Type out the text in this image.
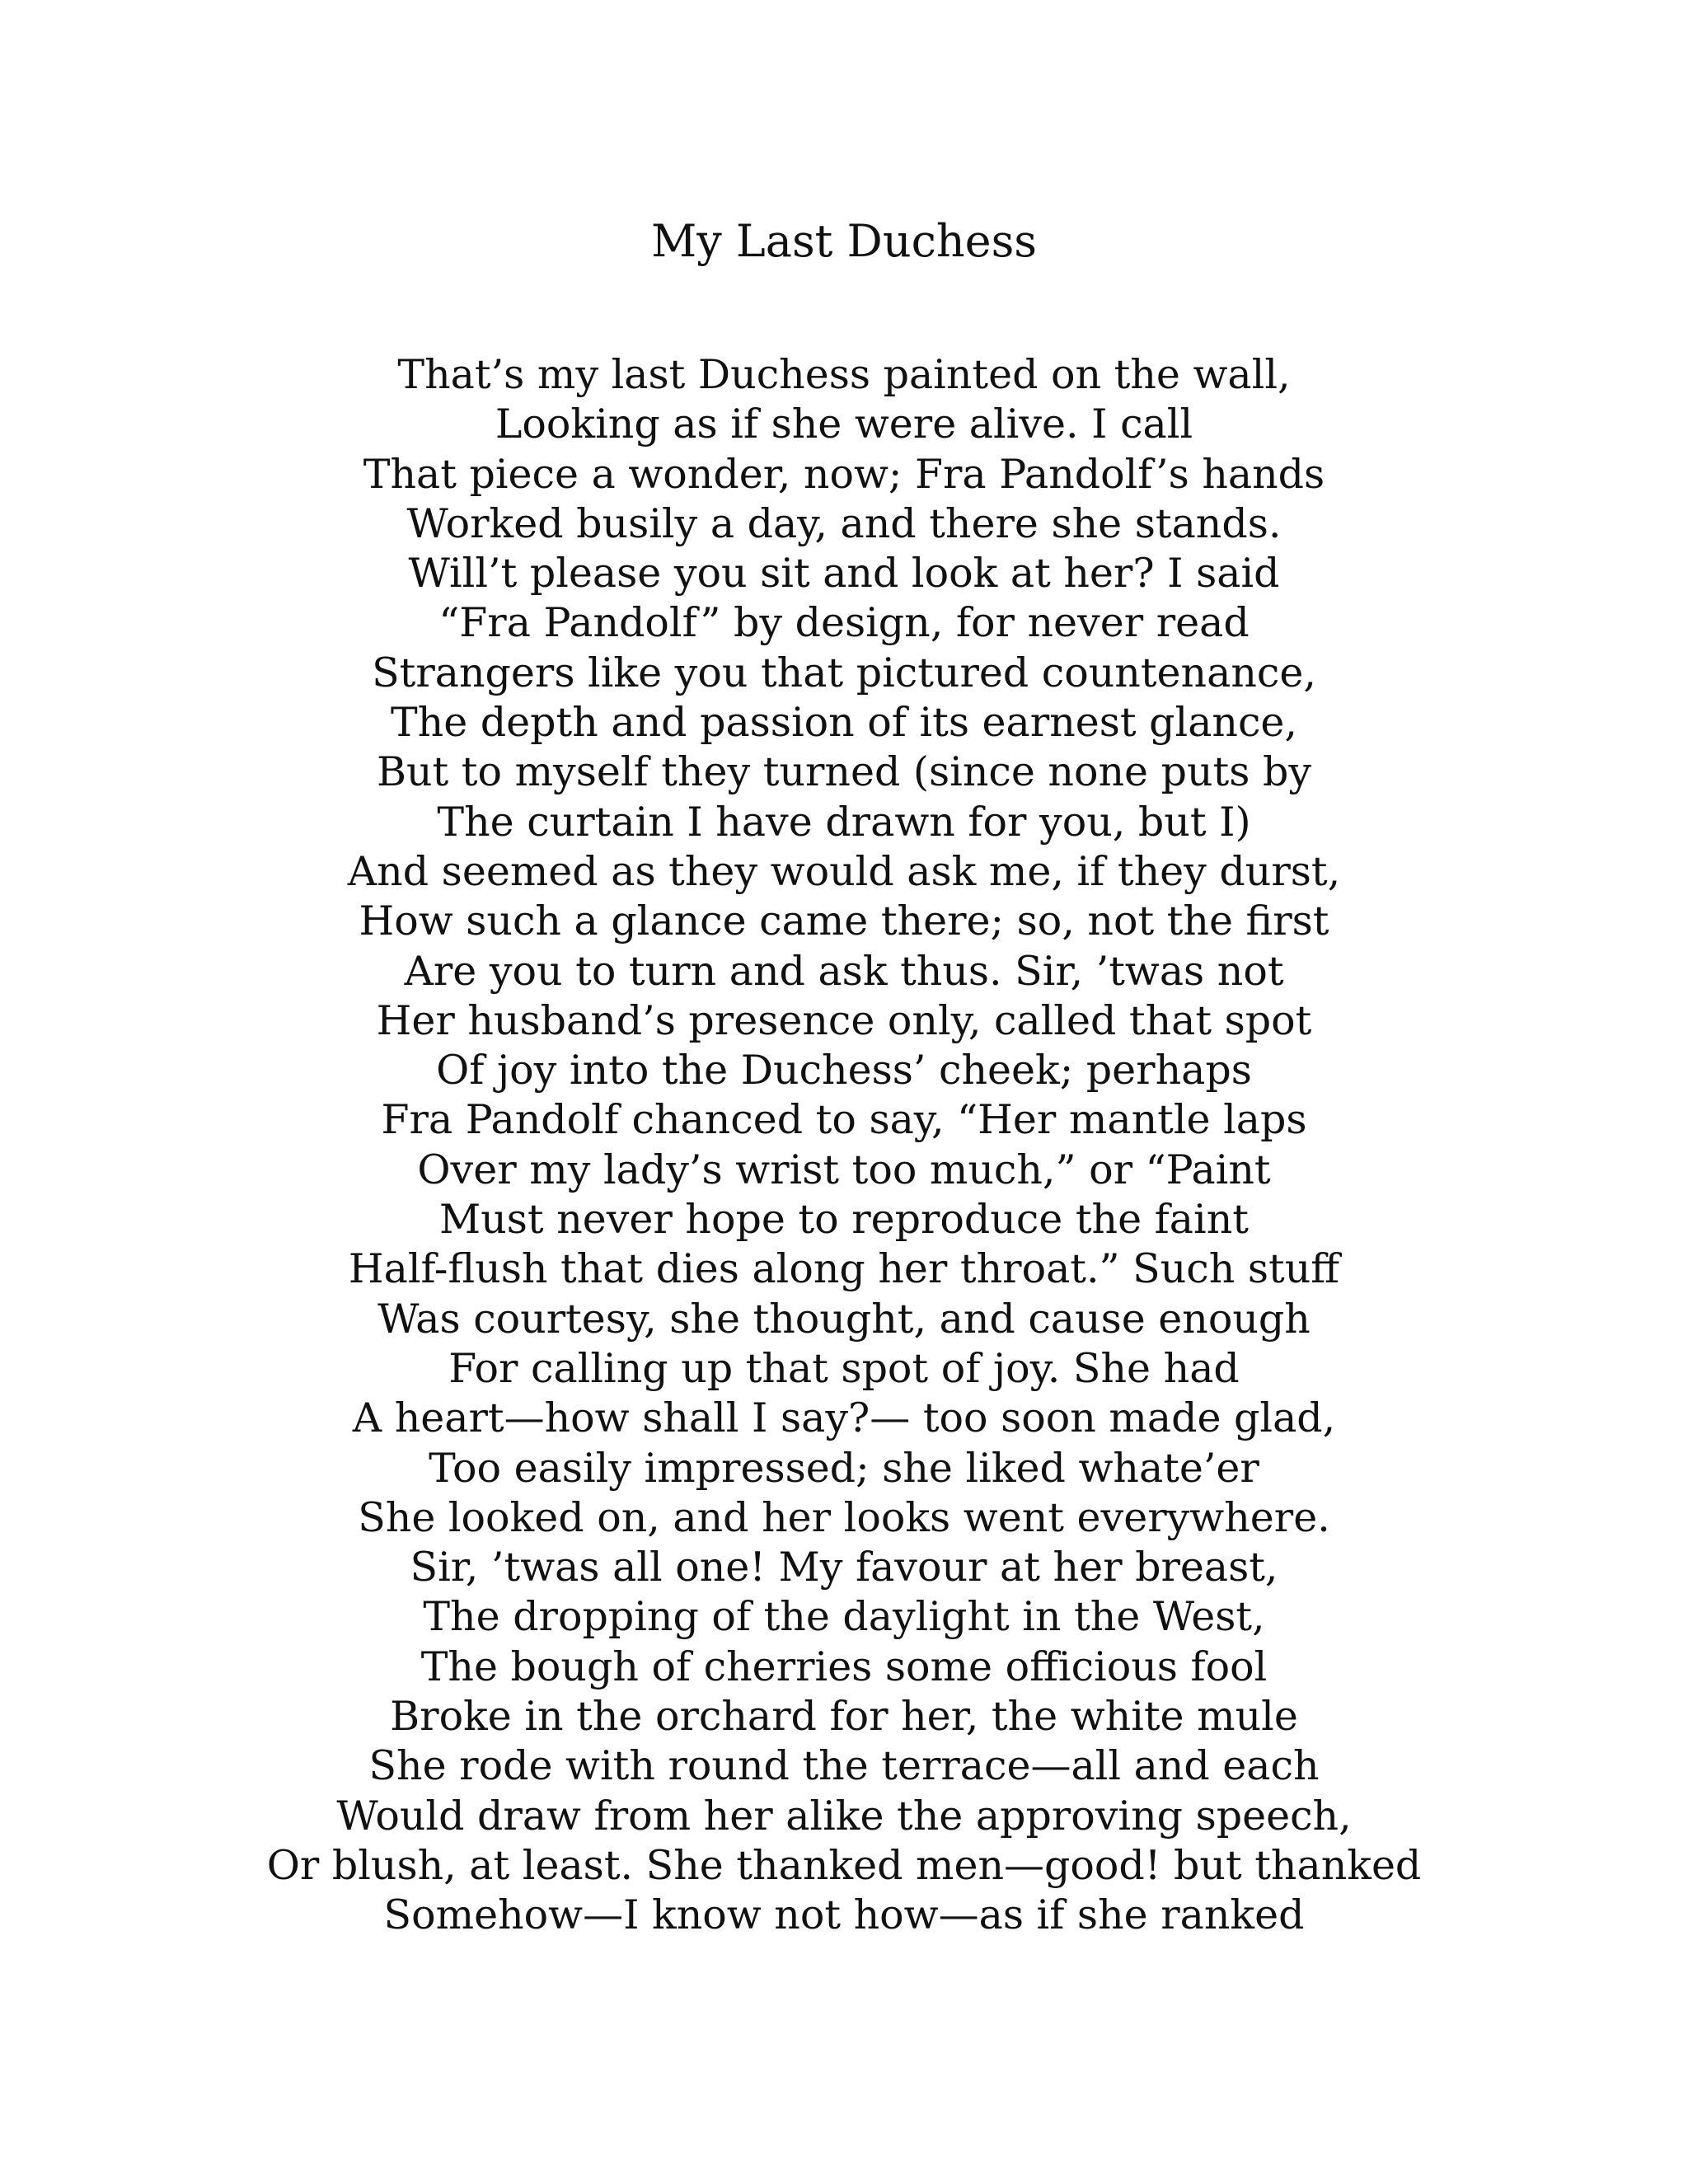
My Last Duchess
That’s my last Duchess painted on the wall,
Looking as if she were alive. I call
That piece a wonder, now; Fra Pandolf’s hands
Worked busily a day, and there she stands.
Will’t please you sit and look at her? I said
“Fra Pandolf” by design, for never read
Strangers like you that pictured countenance,
The depth and passion of its earnest glance,
But to myself they turned (since none puts by
The curtain I have drawn for you, but I)
And seemed as they would ask me, if they durst,
How such a glance came there; so, not the first
Are you to turn and ask thus. Sir, ’twas not
Her husband’s presence only, called that spot
Of joy into the Duchess’ cheek; perhaps
Fra Pandolf chanced to say, “Her mantle laps
Over my lady’s wrist too much,” or “Paint
Must never hope to reproduce the faint
Half-flush that dies along her throat.” Such stuff
Was courtesy, she thought, and cause enough
For calling up that spot of joy. She had
A heart—how shall I say?— too soon made glad,
Too easily impressed; she liked whate’er
She looked on, and her looks went everywhere.
Sir, ’twas all one! My favour at her breast,
The dropping of the daylight in the West,
The bough of cherries some officious fool
Broke in the orchard for her, the white mule
She rode with round the terrace—all and each
Would draw from her alike the approving speech,
Or blush, at least. She thanked men—good! but thanked
Somehow—I know not how—as if she ranked
